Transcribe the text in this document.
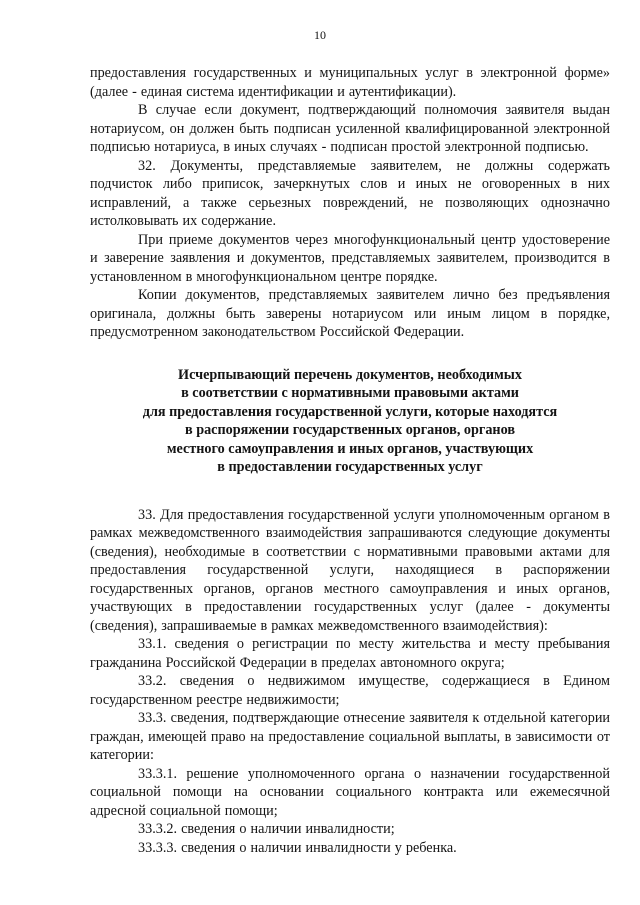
10

предоставления государственных и муниципальных услуг в электронной форме» (далее - единая система идентификации и аутентификации).

В случае если документ, подтверждающий полномочия заявителя выдан нотариусом, он должен быть подписан усиленной квалифицированной электронной подписью нотариуса, в иных случаях - подписан простой электронной подписью.

32. Документы, представляемые заявителем, не должны содержать подчисток либо приписок, зачеркнутых слов и иных не оговоренных в них исправлений, а также серьезных повреждений, не позволяющих однозначно истолковывать их содержание.

При приеме документов через многофункциональный центр удостоверение и заверение заявления и документов, представляемых заявителем, производится в установленном в многофункциональном центре порядке.

Копии документов, представляемых заявителем лично без предъявления оригинала, должны быть заверены нотариусом или иным лицом в порядке, предусмотренном законодательством Российской Федерации.

Исчерпывающий перечень документов, необходимых
в соответствии с нормативными правовыми актами
для предоставления государственной услуги, которые находятся
в распоряжении государственных органов, органов
местного самоуправления и иных органов, участвующих
в предоставлении государственных услуг

33. Для предоставления государственной услуги уполномоченным органом в рамках межведомственного взаимодействия запрашиваются следующие документы (сведения), необходимые в соответствии с нормативными правовыми актами для предоставления государственной услуги, находящиеся в распоряжении государственных органов, органов местного самоуправления и иных органов, участвующих в предоставлении государственных услуг (далее - документы (сведения), запрашиваемые в рамках межведомственного взаимодействия):

33.1. сведения о регистрации по месту жительства и месту пребывания гражданина Российской Федерации в пределах автономного округа;

33.2. сведения о недвижимом имуществе, содержащиеся в Едином государственном реестре недвижимости;

33.3. сведения, подтверждающие отнесение заявителя к отдельной категории граждан, имеющей право на предоставление социальной выплаты, в зависимости от категории:

33.3.1. решение уполномоченного органа о назначении государственной социальной помощи на основании социального контракта или ежемесячной адресной социальной помощи;

33.3.2. сведения о наличии инвалидности;

33.3.3. сведения о наличии инвалидности у ребенка.
